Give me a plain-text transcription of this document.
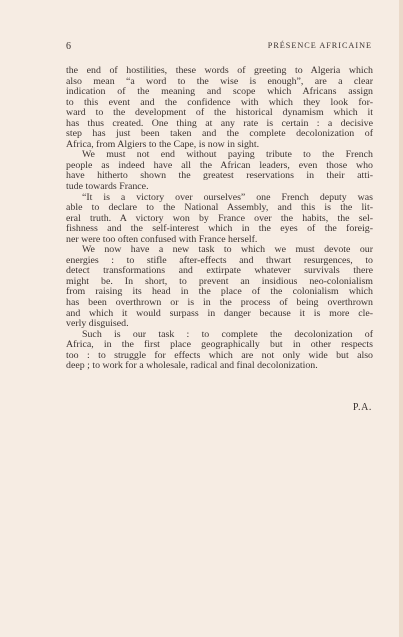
6	PRÉSENCE AFRICAINE
the end of hostilities, these words of greeting to Algeria which
also mean “a word to the wise is enough”, are a clear
indication of the meaning and scope which Africans assign
to this event and the confidence with which they look for-
ward to the development of the historical dynamism which it
has thus created. One thing at any rate is certain : a decisive
step has just been taken and the complete decolonization of
Africa, from Algiers to the Cape, is now in sight.
We must not end without paying tribute to the French
people as indeed have all the African leaders, even those who
have hitherto shown the greatest reservations in their atti-
tude towards France.
“It is a victory over ourselves” one French deputy was
able to declare to the National Assembly, and this is the lit-
eral truth. A victory won by France over the habits, the sel-
fishness and the self-interest which in the eyes of the foreig-
ner were too often confused with France herself.
We now have a new task to which we must devote our
energies : to stifle after-effects and thwart resurgences, to
detect transformations and extirpate whatever survivals there
might be. In short, to prevent an insidious neo-colonialism
from raising its head in the place of the colonialism which
has been overthrown or is in the process of being overthrown
and which it would surpass in danger because it is more cle-
verly disguised.
Such is our task : to complete the decolonization of
Africa, in the first place geographically but in other respects
too : to struggle for effects which are not only wide but also
deep ; to work for a wholesale, radical and final decolonization.
P.A.
